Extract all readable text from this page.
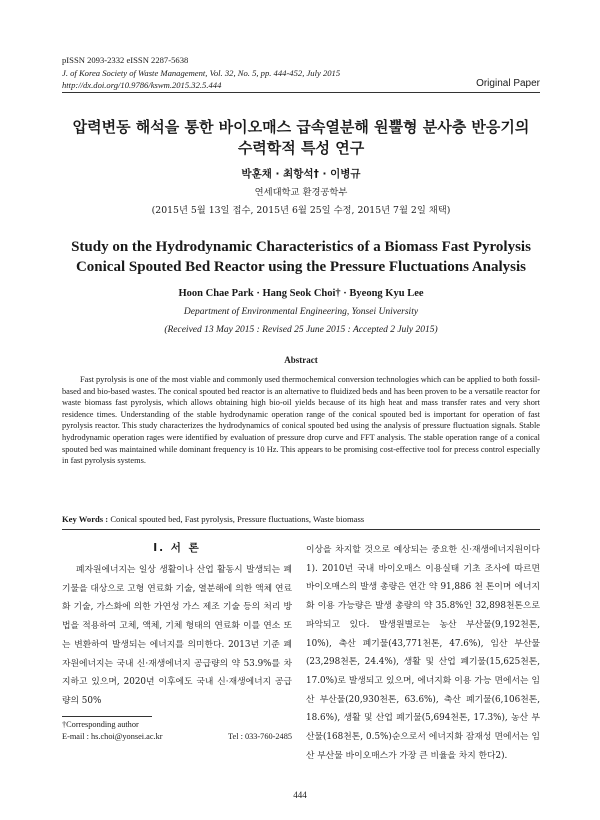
pISSN 2093-2332 eISSN 2287-5638
J. of Korea Society of Waste Management, Vol. 32, No. 5, pp. 444-452, July 2015
http://dx.doi.org/10.9786/kswm.2015.32.5.444	Original Paper
압력변동 해석을 통한 바이오매스 급속열분해 원뿔형 분사층 반응기의
수력학적 특성 연구
박훈채 · 최항석† · 이병규
연세대학교 환경공학부
(2015년 5월 13일 접수, 2015년 6월 25일 수정, 2015년 7월 2일 채택)
Study on the Hydrodynamic Characteristics of a Biomass Fast Pyrolysis
Conical Spouted Bed Reactor using the Pressure Fluctuations Analysis
Hoon Chae Park · Hang Seok Choi† · Byeong Kyu Lee
Department of Environmental Engineering, Yonsei University
(Received 13 May 2015 : Revised 25 June 2015 : Accepted 2 July 2015)
Abstract
Fast pyrolysis is one of the most viable and commonly used thermochemical conversion technologies which can be applied to both fossil-based and bio-based wastes. The conical spouted bed reactor is an alternative to fluidized beds and has been proven to be a versatile reactor for waste biomass fast pyrolysis, which allows obtaining high bio-oil yields because of its high heat and mass transfer rates and very short residence times. Understanding of the stable hydrodynamic operation range of the conical spouted bed is important for operation of fast pyrolysis reactor. This study characterizes the hydrodynamics of conical spouted bed using the analysis of pressure fluctuation signals. Stable hydrodynamic operation rages were identified by evaluation of pressure drop curve and FFT analysis. The stable operation range of a conical spouted bed was maintained while dominant frequency is 10 Hz. This appears to be promising cost-effective tool for precess control especially in fast pyrolysis systems.
Key Words : Conical spouted bed, Fast pyrolysis, Pressure fluctuations, Waste biomass
I. 서 론
폐자원에너지는 일상 생활이나 산업 활동시 발생되는 폐기물을 대상으로 고형 연료화 기술, 열분해에 의한 액체 연료화 기술, 가스화에 의한 가연성 가스 제조 기술 등의 처리 방법을 적용하여 고체, 액체, 기체 형태의 연료화 이를 연소 또는 변환하여 발생되는 에너지를 의미한다. 2013년 기준 폐자원에너지는 국내 신·재생에너지 공급량의 약 53.9%를 차지하고 있으며, 2020년 이후에도 국내 신·재생에너지 공급량의 50%
이상을 차지할 것으로 예상되는 중요한 신·재생에너지원이다1). 2010년 국내 바이오매스 이용실태 기초 조사에 따르면 바이오매스의 발생 총량은 연간 약 91,886 천 톤이며 에너지화 이용 가능량은 발생 총량의 약 35.8%인 32,898천톤으로 파악되고 있다. 발생원별로는 농산 부산물(9,192천톤, 10%), 축산 폐기물(43,771천톤, 47.6%), 임산 부산물(23,298천톤, 24.4%), 생활 및 산업 폐기물(15,625천톤, 17.0%)로 발생되고 있으며, 에너지화 이용 가능 면에서는 임산 부산물(20,930천톤, 63.6%), 축산 폐기물(6,106천톤, 18.6%), 생활 및 산업 폐기물(5,694천톤, 17.3%), 농산 부산물(168천톤, 0.5%)순으로서 에너지화 잠재성 면에서는 임산 부산물 바이오매스가 가장 큰 비율을 차지 한다2).
†Corresponding author
E-mail : hs.choi@yonsei.ac.kr	Tel : 033-760-2485
444
